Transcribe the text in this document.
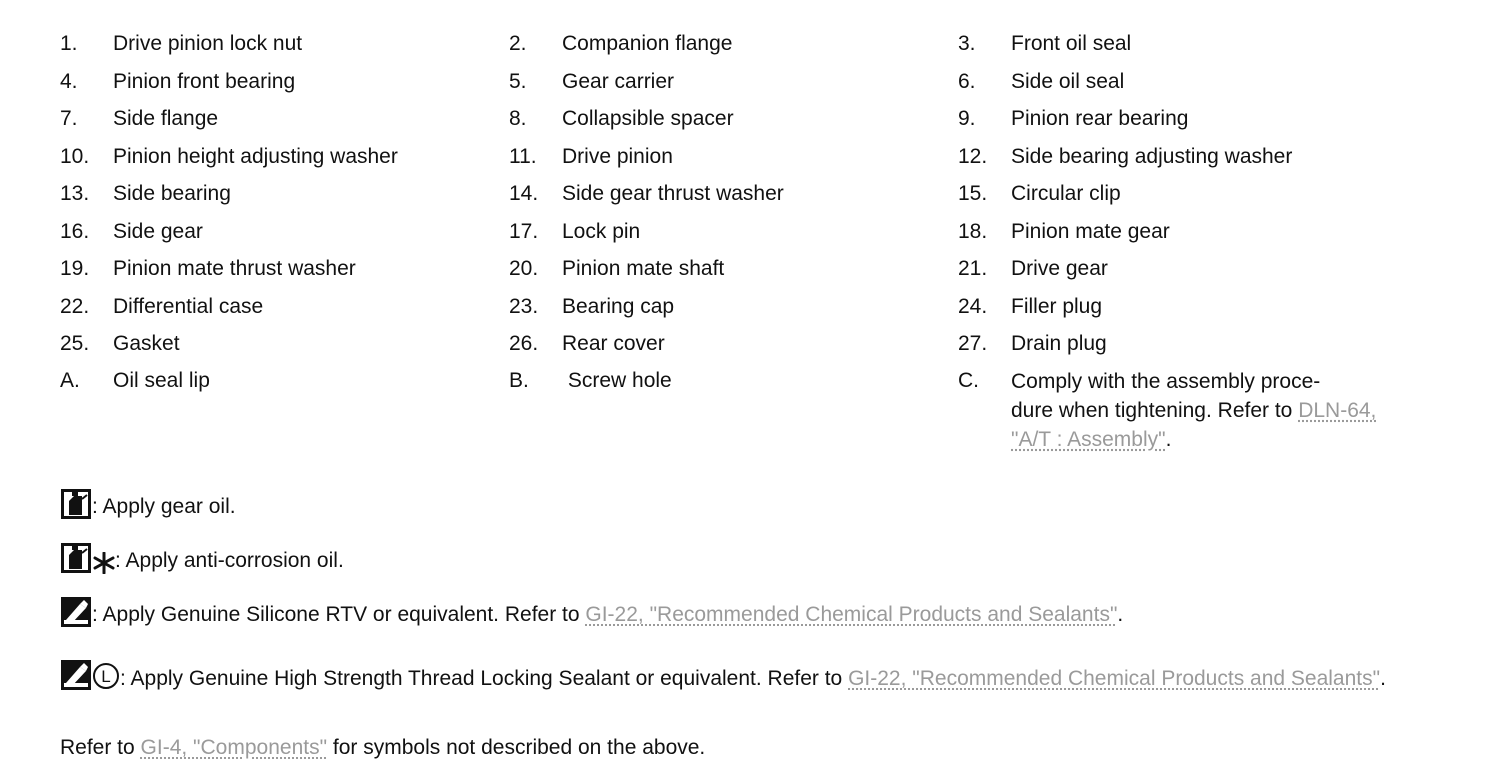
1.	Drive pinion lock nut	2.	Companion flange	3.	Front oil seal
4.	Pinion front bearing	5.	Gear carrier	6.	Side oil seal
7.	Side flange	8.	Collapsible spacer	9.	Pinion rear bearing
10.	Pinion height adjusting washer	11.	Drive pinion	12.	Side bearing adjusting washer
13.	Side bearing	14.	Side gear thrust washer	15.	Circular clip
16.	Side gear	17.	Lock pin	18.	Pinion mate gear
19.	Pinion mate thrust washer	20.	Pinion mate shaft	21.	Drive gear
22.	Differential case	23.	Bearing cap	24.	Filler plug
25.	Gasket	26.	Rear cover	27.	Drain plug
A.	Oil seal lip	B.	Screw hole	C.	Comply with the assembly proce-
dure when tightening. Refer to DLN-64, "A/T : Assembly".
: Apply gear oil.
: Apply anti-corrosion oil.
: Apply Genuine Silicone RTV or equivalent. Refer to GI-22, "Recommended Chemical Products and Sealants".
L : Apply Genuine High Strength Thread Locking Sealant or equivalent. Refer to GI-22, "Recommended Chemical Products and Sealants".
Refer to GI-4, "Components" for symbols not described on the above.
